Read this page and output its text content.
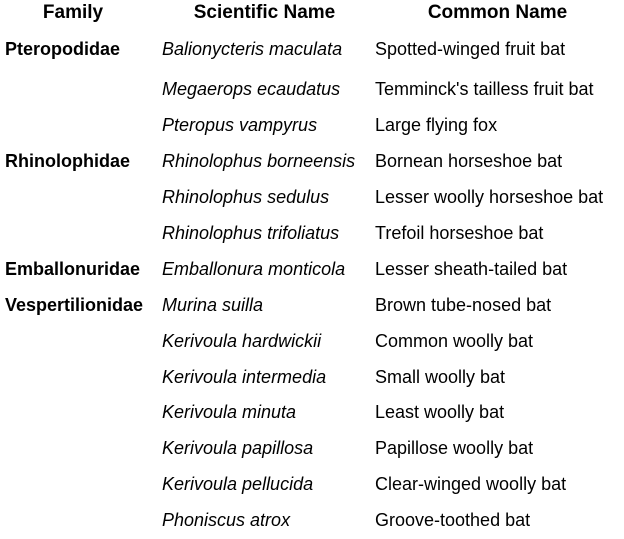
Family	Scientific Name	Common Name
Pteropodidae	Balionycteris maculata	Spotted-winged fruit bat
	Megaerops ecaudatus	Temminck's tailless fruit bat
	Pteropus vampyrus	Large flying fox
Rhinolophidae	Rhinolophus borneensis	Bornean horseshoe bat
	Rhinolophus sedulus	Lesser woolly horseshoe bat
	Rhinolophus trifoliatus	Trefoil horseshoe bat
Emballonuridae	Emballonura monticola	Lesser sheath-tailed bat
Vespertilionidae	Murina suilla	Brown tube-nosed bat
	Kerivoula hardwickii	Common woolly bat
	Kerivoula intermedia	Small woolly bat
	Kerivoula minuta	Least woolly bat
	Kerivoula papillosa	Papillose woolly bat
	Kerivoula pellucida	Clear-winged woolly bat
	Phoniscus atrox	Groove-toothed bat
